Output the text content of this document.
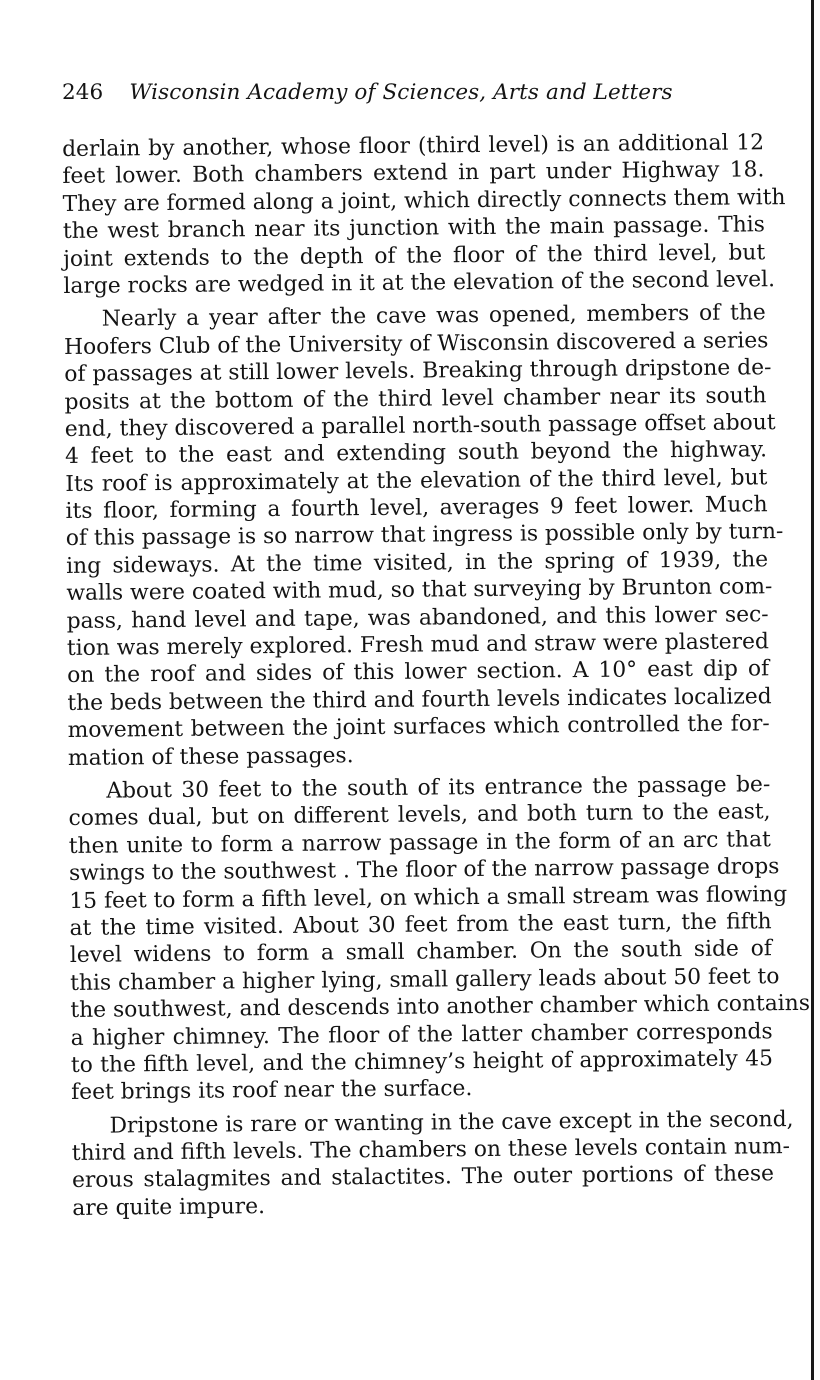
246 Wisconsin Academy of Sciences, Arts and Letters

derlain by another, whose floor (third level) is an additional 12
feet lower. Both chambers extend in part under Highway 18.
They are formed along a joint, which directly connects them with
the west branch near its junction with the main passage. This
joint extends to the depth of the floor of the third level, but
large rocks are wedged in it at the elevation of the second level.

Nearly a year after the cave was opened, members of the
Hoofers Club of the University of Wisconsin discovered a series
of passages at still lower levels. Breaking through dripstone de-
posits at the bottom of the third level chamber near its south
end, they discovered a parallel north-south passage offset about
4 feet to the east and extending south beyond the highway.
Its roof is approximately at the elevation of the third level, but
its floor, forming a fourth level, averages 9 feet lower. Much
of this passage is so narrow that ingress is possible only by turn-
ing sideways. At the time visited, in the spring of 1939, the
walls were coated with mud, so that surveying by Brunton com-
pass, hand level and tape, was abandoned, and this lower sec-
tion was merely explored. Fresh mud and straw were plastered
on the roof and sides of this lower section. A 10° east dip of
the beds between the third and fourth levels indicates localized
movement between the joint surfaces which controlled the for-
mation of these passages.

About 30 feet to the south of its entrance the passage be-
comes dual, but on different levels, and both turn to the east,
then unite to form a narrow passage in the form of an arc that
swings to the southwest . The floor of the narrow passage drops
15 feet to form a fifth level, on which a small stream was flowing
at the time visited. About 30 feet from the east turn, the fifth
level widens to form a small chamber. On the south side of
this chamber a higher lying, small gallery leads about 50 feet to
the southwest, and descends into another chamber which contains
a higher chimney. The floor of the latter chamber corresponds
to the fifth level, and the chimney’s height of approximately 45
feet brings its roof near the surface.

Dripstone is rare or wanting in the cave except in the second,
third and fifth levels. The chambers on these levels contain num-
erous stalagmites and stalactites. The outer portions of these
are quite impure.
